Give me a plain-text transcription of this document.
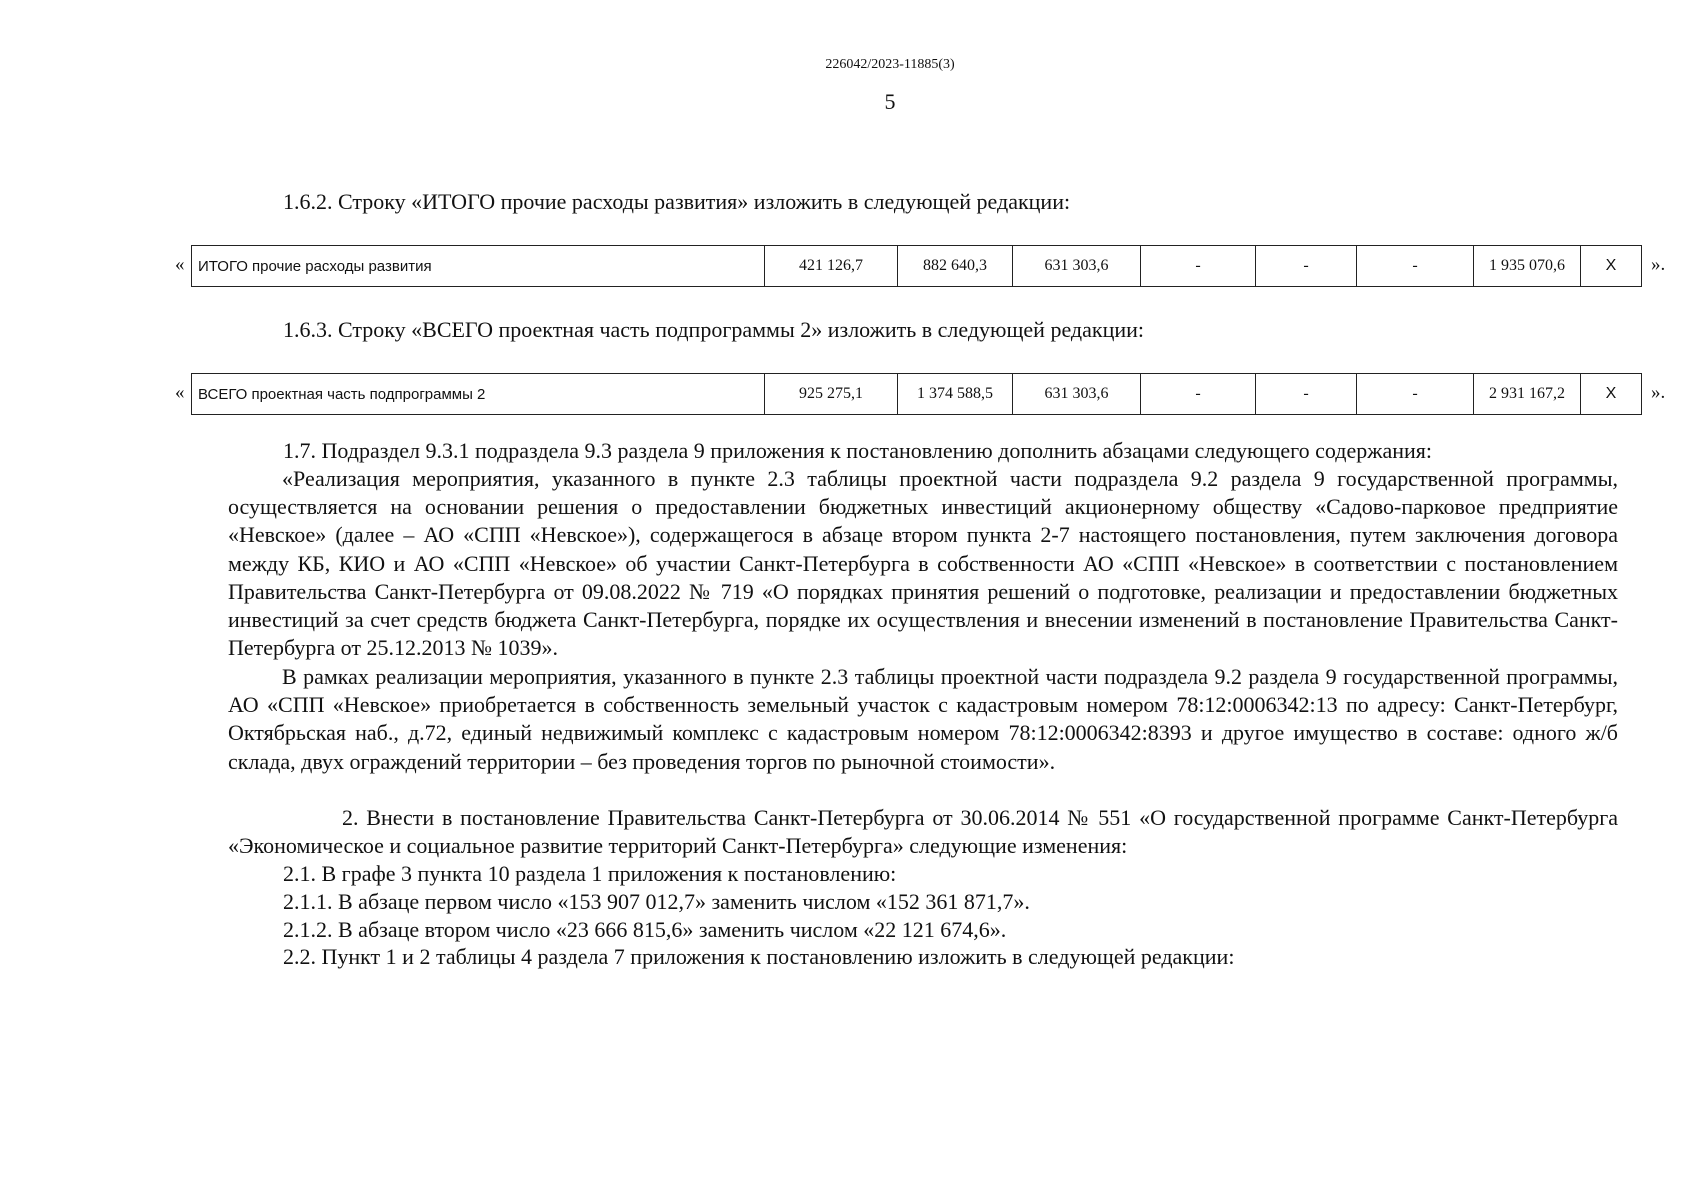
226042/2023-11885(3)
5
1.6.2. Строку «ИТОГО прочие расходы развития» изложить в следующей редакции:
« ИТОГО прочие расходы развития	421 126,7	882 640,3	631 303,6	-	-	-	1 935 070,6	Х ».
1.6.3. Строку «ВСЕГО проектная часть подпрограммы 2» изложить в следующей редакции:
« ВСЕГО проектная часть подпрограммы 2	925 275,1	1 374 588,5	631 303,6	-	-	-	2 931 167,2	Х ».
1.7. Подраздел 9.3.1 подраздела 9.3 раздела 9 приложения к постановлению дополнить абзацами следующего содержания:
«Реализация мероприятия, указанного в пункте 2.3 таблицы проектной части подраздела 9.2 раздела 9 государственной программы, осуществляется на основании решения о предоставлении бюджетных инвестиций акционерному обществу «Садово-парковое предприятие «Невское» (далее – АО «СПП «Невское»), содержащегося в абзаце втором пункта 2-7 настоящего постановления, путем заключения договора между КБ, КИО и АО «СПП «Невское» об участии Санкт-Петербурга в собственности АО «СПП «Невское» в соответствии с постановлением Правительства Санкт-Петербурга от 09.08.2022 № 719 «О порядках принятия решений о подготовке, реализации и предоставлении бюджетных инвестиций за счет средств бюджета Санкт-Петербурга, порядке их осуществления и внесении изменений в постановление Правительства Санкт-Петербурга от 25.12.2013 № 1039».
В рамках реализации мероприятия, указанного в пункте 2.3 таблицы проектной части подраздела 9.2 раздела 9 государственной программы, АО «СПП «Невское» приобретается в собственность земельный участок с кадастровым номером 78:12:0006342:13 по адресу: Санкт-Петербург, Октябрьская наб., д.72, единый недвижимый комплекс с кадастровым номером 78:12:0006342:8393 и другое имущество в составе: одного ж/б склада, двух ограждений территории – без проведения торгов по рыночной стоимости».
2. Внести в постановление Правительства Санкт-Петербурга от 30.06.2014 № 551 «О государственной программе Санкт-Петербурга «Экономическое и социальное развитие территорий Санкт-Петербурга» следующие изменения:
2.1. В графе 3 пункта 10 раздела 1 приложения к постановлению:
2.1.1. В абзаце первом число «153 907 012,7» заменить числом «152 361 871,7».
2.1.2. В абзаце втором число «23 666 815,6» заменить числом «22 121 674,6».
2.2. Пункт 1 и 2 таблицы 4 раздела 7 приложения к постановлению изложить в следующей редакции:
